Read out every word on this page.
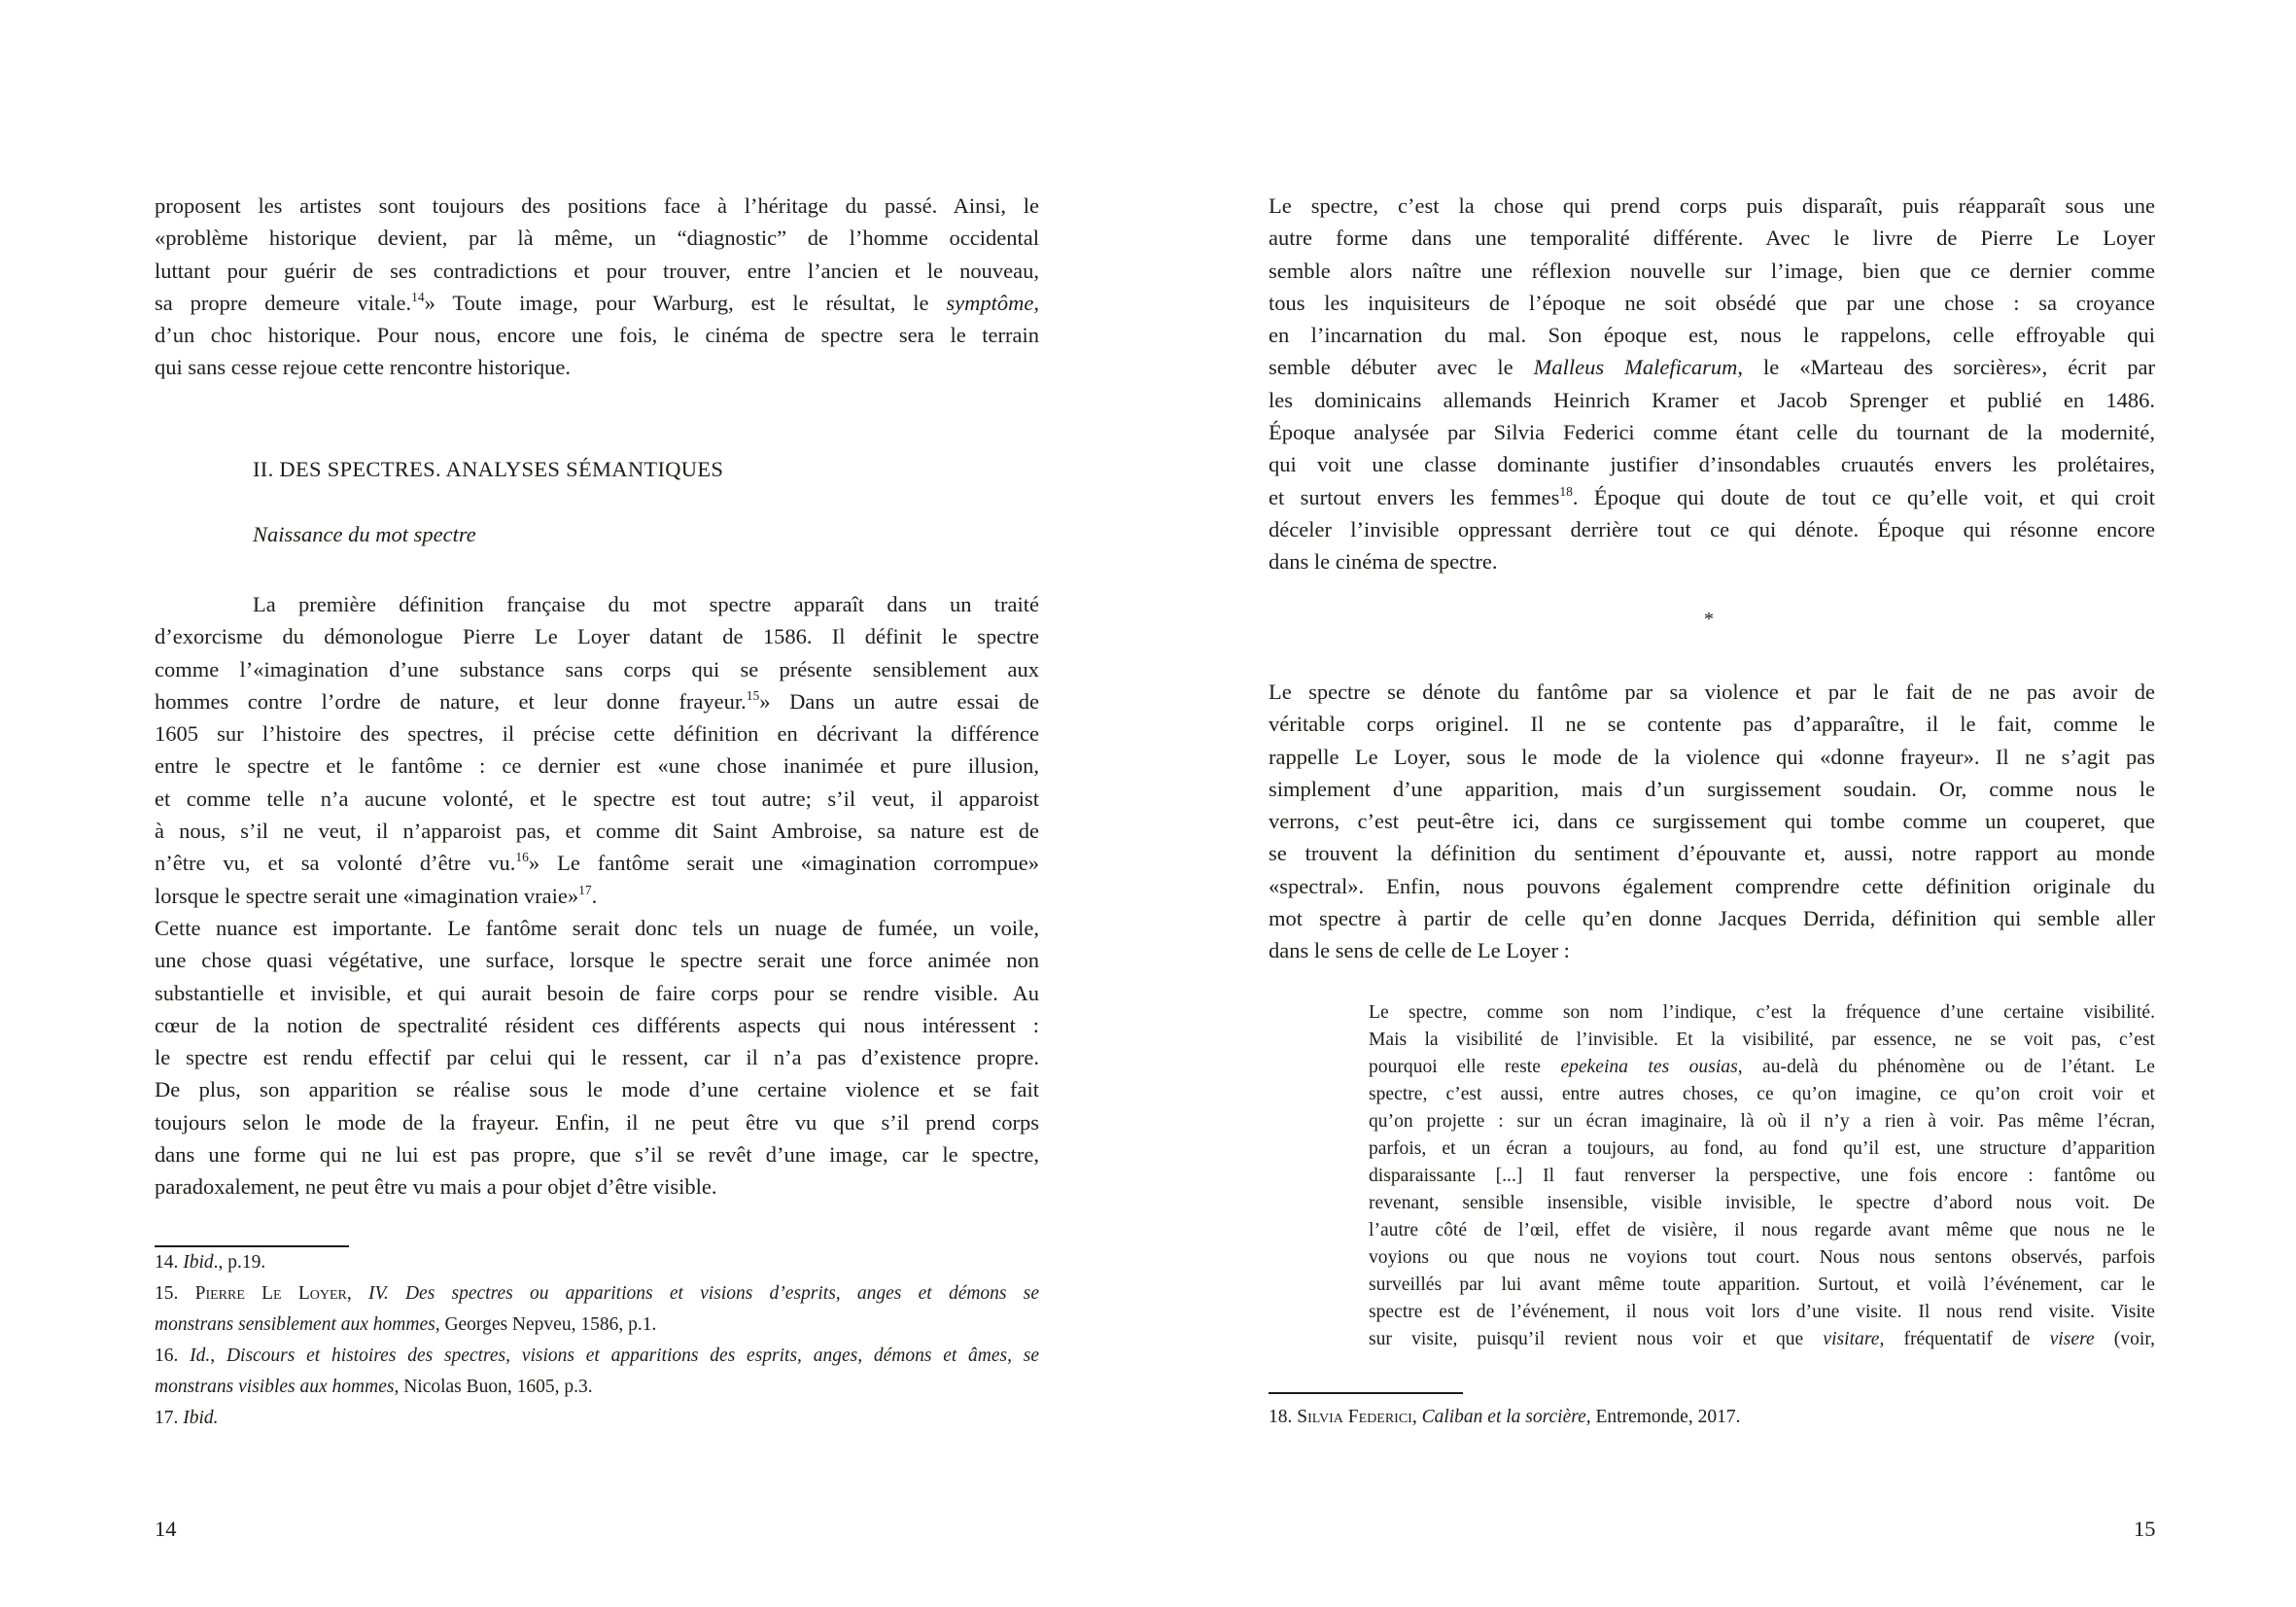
proposent les artistes sont toujours des positions face à l’héritage du passé. Ainsi, le
«problème historique devient, par là même, un “diagnostic” de l’homme occidental
luttant pour guérir de ses contradictions et pour trouver, entre l’ancien et le nouveau,
sa propre demeure vitale.$^{14}$» Toute image, pour Warburg, est le résultat, le symptôme,
d’un choc historique. Pour nous, encore une fois, le cinéma de spectre sera le terrain
qui sans cesse rejoue cette rencontre historique.
II. DES SPECTRES. ANALYSES SÉMANTIQUES
Naissance du mot spectre
La première définition française du mot spectre apparaît dans un traité
d’exorcisme du démonologue Pierre Le Loyer datant de 1586. Il définit le spectre
comme l’«imagination d’une substance sans corps qui se présente sensiblement aux
hommes contre l’ordre de nature, et leur donne frayeur.$^{15}$» Dans un autre essai de
1605 sur l’histoire des spectres, il précise cette définition en décrivant la différence
entre le spectre et le fantôme : ce dernier est «une chose inanimée et pure illusion,
et comme telle n’a aucune volonté, et le spectre est tout autre; s’il veut, il apparoist
à nous, s’il ne veut, il n’apparoist pas, et comme dit Saint Ambroise, sa nature est de
n’être vu, et sa volonté d’être vu.$^{16}$» Le fantôme serait une «imagination corrompue»
lorsque le spectre serait une «imagination vraie»$^{17}$.
Cette nuance est importante. Le fantôme serait donc tels un nuage de fumée, un voile,
une chose quasi végétative, une surface, lorsque le spectre serait une force animée non
substantielle et invisible, et qui aurait besoin de faire corps pour se rendre visible. Au
cœur de la notion de spectralité résident ces différents aspects qui nous intéressent :
le spectre est rendu effectif par celui qui le ressent, car il n’a pas d’existence propre.
De plus, son apparition se réalise sous le mode d’une certaine violence et se fait
toujours selon le mode de la frayeur. Enfin, il ne peut être vu que s’il prend corps
dans une forme qui ne lui est pas propre, que s’il se revêt d’une image, car le spectre,
paradoxalement, ne peut être vu mais a pour objet d’être visible.
14. Ibid., p.19.
15. Pierre Le Loyer, IV. Des spectres ou apparitions et visions d’esprits, anges et démons se
monstrans sensiblement aux hommes, Georges Nepveu, 1586, p.1.
16. Id., Discours et histoires des spectres, visions et apparitions des esprits, anges, démons et âmes, se
monstrans visibles aux hommes, Nicolas Buon, 1605, p.3.
17. Ibid.
14
Le spectre, c’est la chose qui prend corps puis disparaît, puis réapparaît sous une
autre forme dans une temporalité différente. Avec le livre de Pierre Le Loyer
semble alors naître une réflexion nouvelle sur l’image, bien que ce dernier comme
tous les inquisiteurs de l’époque ne soit obsédé que par une chose : sa croyance
en l’incarnation du mal. Son époque est, nous le rappelons, celle effroyable qui
semble débuter avec le Malleus Maleficarum, le «Marteau des sorcières», écrit par
les dominicains allemands Heinrich Kramer et Jacob Sprenger et publié en 1486.
Époque analysée par Silvia Federici comme étant celle du tournant de la modernité,
qui voit une classe dominante justifier d’insondables cruautés envers les prolétaires,
et surtout envers les femmes$^{18}$. Époque qui doute de tout ce qu’elle voit, et qui croit
déceler l’invisible oppressant derrière tout ce qui dénote. Époque qui résonne encore
dans le cinéma de spectre.
*
Le spectre se dénote du fantôme par sa violence et par le fait de ne pas avoir de
véritable corps originel. Il ne se contente pas d’apparaître, il le fait, comme le
rappelle Le Loyer, sous le mode de la violence qui «donne frayeur». Il ne s’agit pas
simplement d’une apparition, mais d’un surgissement soudain. Or, comme nous le
verrons, c’est peut-être ici, dans ce surgissement qui tombe comme un couperet, que
se trouvent la définition du sentiment d’épouvante et, aussi, notre rapport au monde
«spectral». Enfin, nous pouvons également comprendre cette définition originale du
mot spectre à partir de celle qu’en donne Jacques Derrida, définition qui semble aller
dans le sens de celle de Le Loyer :
Le spectre, comme son nom l’indique, c’est la fréquence d’une certaine visibilité.
Mais la visibilité de l’invisible. Et la visibilité, par essence, ne se voit pas, c’est
pourquoi elle reste epekeina tes ousias, au-delà du phénomène ou de l’étant. Le
spectre, c’est aussi, entre autres choses, ce qu’on imagine, ce qu’on croit voir et
qu’on projette : sur un écran imaginaire, là où il n’y a rien à voir. Pas même l’écran,
parfois, et un écran a toujours, au fond, au fond qu’il est, une structure d’apparition
disparaissante [...] Il faut renverser la perspective, une fois encore : fantôme ou
revenant, sensible insensible, visible invisible, le spectre d’abord nous voit. De
l’autre côté de l’œil, effet de visière, il nous regarde avant même que nous ne le
voyions ou que nous ne voyions tout court. Nous nous sentons observés, parfois
surveillés par lui avant même toute apparition. Surtout, et voilà l’événement, car le
spectre est de l’événement, il nous voit lors d’une visite. Il nous rend visite. Visite
sur visite, puisqu’il revient nous voir et que visitare, fréquentatif de visere (voir,
18. Silvia Federici, Caliban et la sorcière, Entremonde, 2017.
15
